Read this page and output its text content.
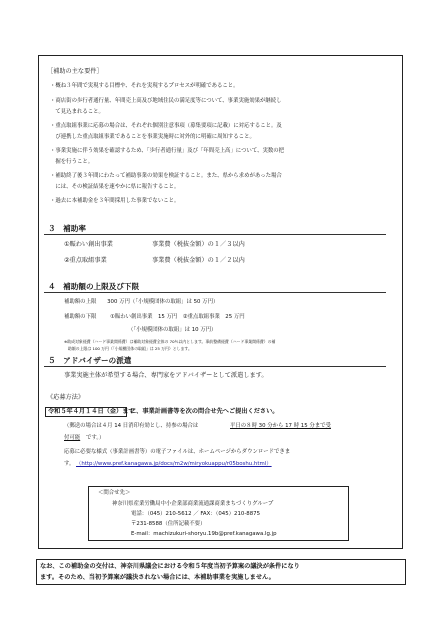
［補助の主な要件］
・概ね３年間で実現する目標や、それを実現するプロセスが明確であること。
・商店街の歩行者通行量、年間売上高及び地域住民の満足度等について、事業実施効果が継続し
　て見込まれること。
・重点取組事業に応募の場合は、それぞれ個別注意事項（募集要項に記載）に対応すること。及
　び連携した重点取組事業であることを事業実施時に対外的に明確に周知すること。
・事業実施に伴う効果を確認するため、「歩行者通行量」及び「年間売上高」について、実数の把
　握を行うこと。
・補助終了後３年間にわたって補助事業の効果を検証すること。また、県から求めがあった場合
　には、その検証結果を速やかに県に報告すること。
・過去に本補助金を３年間採用した事業でないこと。
３　補助率
①賑わい創出事業	事業費（税抜金額）の１／３以内
②重点取組事業	事業費（税抜金額）の１／２以内
４　補助額の上限及び下限
補助額の上限　　300 万円（「小規模団体の取組」は 50 万円）
補助額の下限	①賑わい創出事業　15 万円　②重点取組事業　25 万円
（「小規模団体の取組」は 10 万円）
※助成対象経費（ハード事業関係費）は補助対象経費全体の 70％以内とします。事前整備経費（ハード事業関係費）の補
　助額の上限は 100 万円（「小規模団体の取組」は 25 万円）とします。
５　アドバイザーの派遣
事業実施主体が希望する場合、専門家をアドバイザーとして派遣します。
《応募方法》
令和５年４月１４日（金）まで
に、事業計画書等を次の問合せ先へご提出ください。
（郵送の場合は４月 14 日消印有効とし、持参の場合は	平日の８時 30 分から 17 時 15 分まで受
付可能 です。）
応募に必要な様式（事業計画書等）の電子ファイルは、ホームページからダウンロードできま
す。 （http://www.pref.kanagawa.jp/docs/m2w/miryokuappu/r05boshu.html）
＜問合せ先＞
神奈川県産業労働局中小企業部商業流通課商業まちづくりグループ
電話：（045）210-5612 ／ FAX：（045）210-8875
〒231-8588（住所記載不要）
E-mail：machizukuri-shoryu.19b@pref.kanagawa.lg.jp
なお、この補助金の交付は、神奈川県議会における令和５年度当初予算案の議決が条件になり
ます。そのため、当初予算案が議決されない場合には、本補助事業を実施しません。
